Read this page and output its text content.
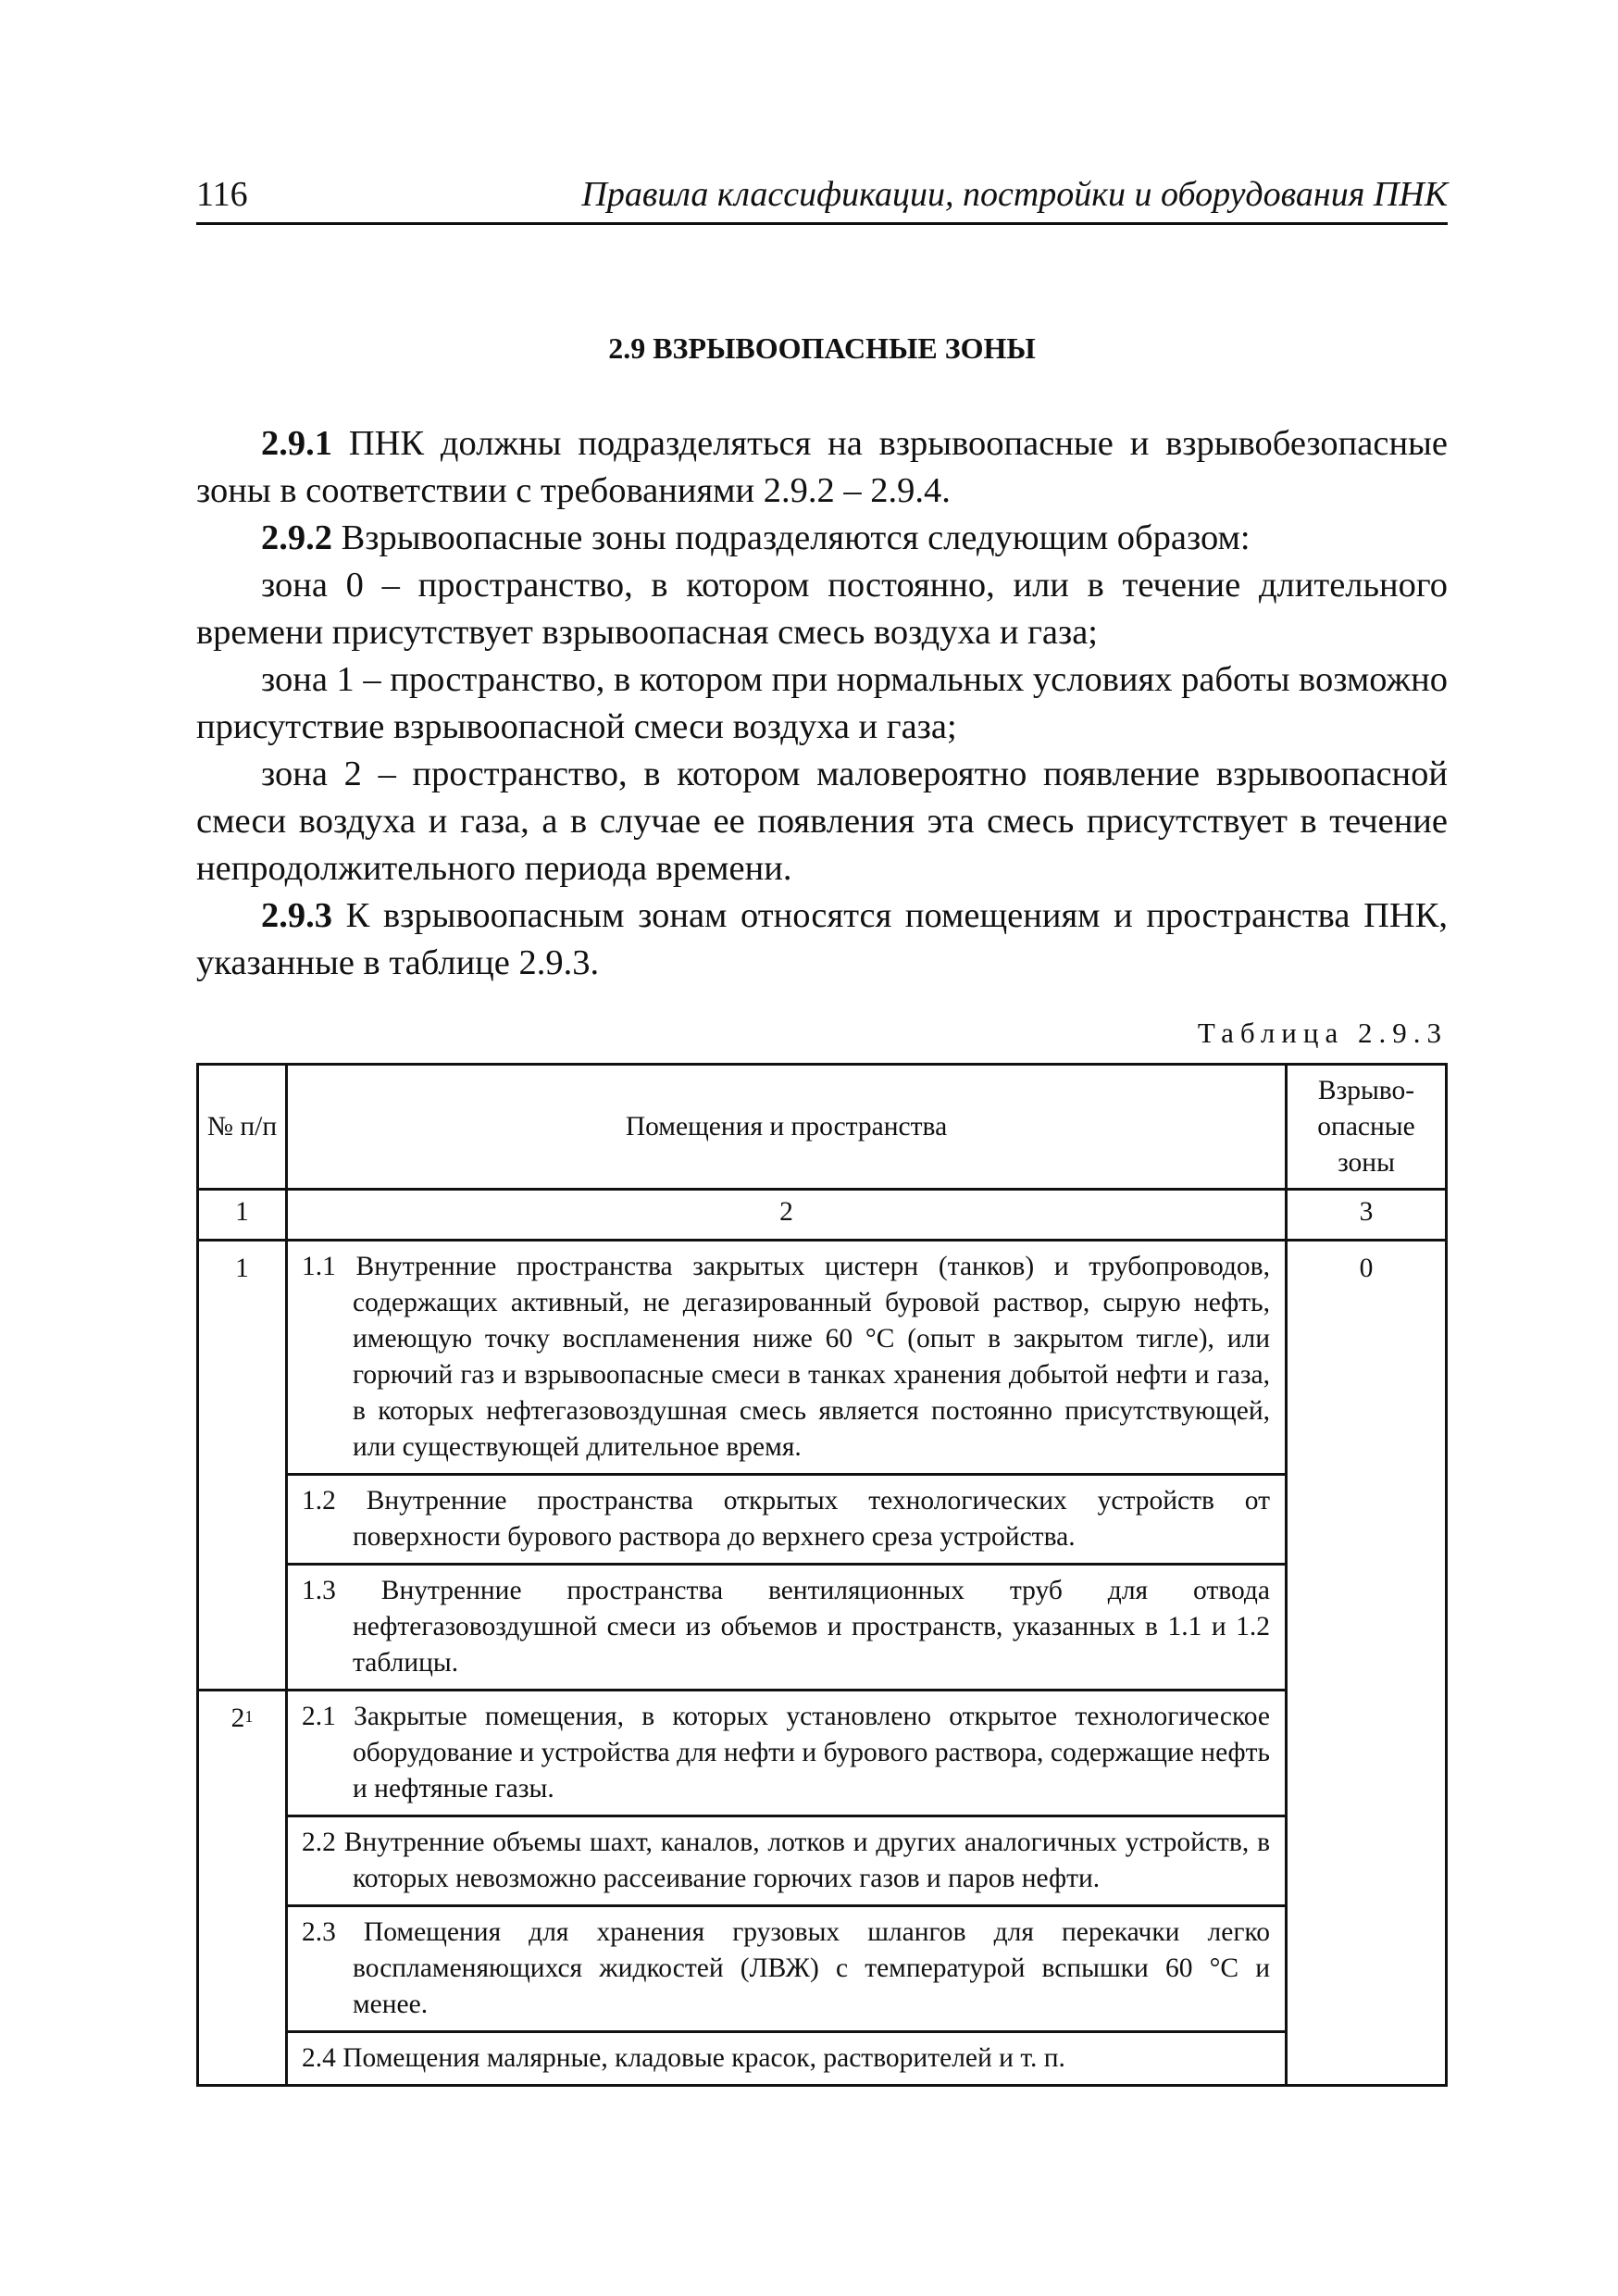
116	Правила классификации, постройки и оборудования ПНК
2.9 ВЗРЫВООПАСНЫЕ ЗОНЫ

2.9.1 ПНК должны подразделяться на взрывоопасные и взрывобезопасные зоны в соответствии с требованиями 2.9.2 – 2.9.4.

2.9.2 Взрывоопасные зоны подразделяются следующим образом:

зона 0 – пространство, в котором постоянно, или в течение длительного времени присутствует взрывоопасная смесь воздуха и газа;

зона 1 – пространство, в котором при нормальных условиях работы возможно присутствие взрывоопасной смеси воздуха и газа;

зона 2 – пространство, в котором маловероятно появление взрывоопасной смеси воздуха и газа, а в случае ее появления эта смесь присутствует в течение непродолжительного периода времени.

2.9.3 К взрывоопасным зонам относятся помещениям и пространства ПНК, указанные в таблице 2.9.3.

Таблица 2.9.3
№ п/п	Помещения и пространства	Взрыво-
опасные
зоны

1	2	3
1	1.1 Внутренние пространства закрытых цистерн (танков) и трубопроводов, содержащих активный, не дегазированный буровой раствор, сырую нефть, имеющую точку воспламенения ниже 60 °С (опыт в закрытом тигле), или горючий газ и взрывоопасные смеси в танках хранения добытой нефти и газа, в которых нефтегазовоздушная смесь является постоянно присутствующей, или существующей длительное время.	0
	1.2 Внутренние пространства открытых технологических устройств от поверхности бурового раствора до верхнего среза устройства.	
	1.3 Внутренние пространства вентиляционных труб для отвода нефтегазовоздушной смеси из объемов и пространств, указанных в 1.1 и 1.2 таблицы.	
$2^1$	2.1 Закрытые помещения, в которых установлено открытое технологическое оборудование и устройства для нефти и бурового раствора, содержащие нефть и нефтяные газы.	
	2.2 Внутренние объемы шахт, каналов, лотков и других аналогичных устройств, в которых невозможно рассеивание горючих газов и паров нефти.	
	2.3 Помещения для хранения грузовых шлангов для перекачки легко воспламеняющихся жидкостей (ЛВЖ) с температурой вспышки 60 °С и менее.	
	2.4 Помещения малярные, кладовые красок, растворителей и т. п.	
